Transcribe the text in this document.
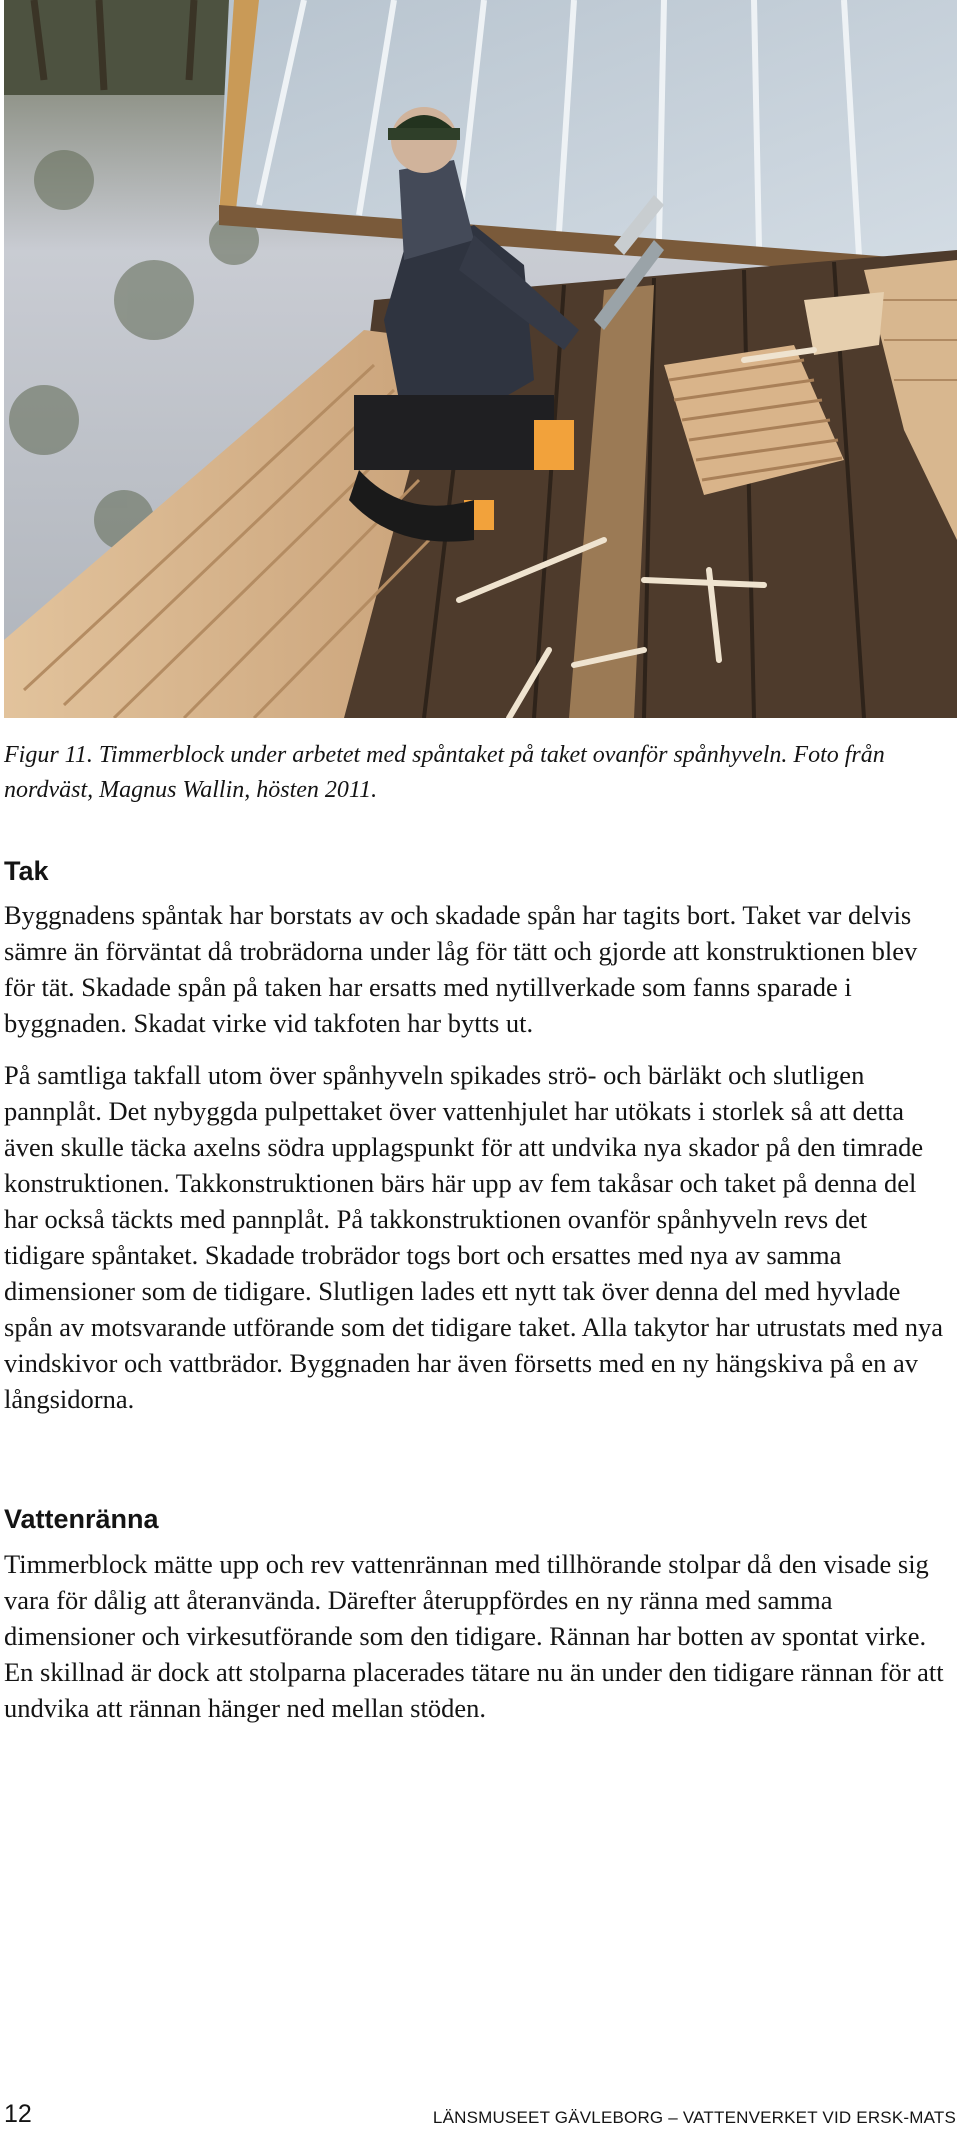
Figur 11. Timmerblock under arbetet med spåntaket på taket ovanför spånhyveln. Foto från nordväst, Magnus Wallin, hösten 2011.

Tak

Byggnadens spåntak har borstats av och skadade spån har tagits bort. Taket var delvis sämre än förväntat då trobrädorna under låg för tätt och gjorde att konstruktionen blev för tät. Skadade spån på taken har ersatts med nytillverkade som fanns sparade i byggnaden. Skadat virke vid takfoten har bytts ut.

På samtliga takfall utom över spånhyveln spikades strö- och bärläkt och slutligen pannplåt. Det nybyggda pulpettaket över vattenhjulet har utökats i storlek så att detta även skulle täcka axelns södra upplagspunkt för att undvika nya skador på den timrade konstruktionen. Takkonstruktionen bärs här upp av fem takåsar och taket på denna del har också täckts med pannplåt. På takkonstruktionen ovanför spånhyveln revs det tidigare spåntaket. Skadade trobrädor togs bort och ersattes med nya av samma dimensioner som de tidigare. Slutligen lades ett nytt tak över denna del med hyvlade spån av motsvarande utförande som det tidigare taket. Alla takytor har utrustats med nya vindskivor och vattbrädor. Byggnaden har även försetts med en ny hängskiva på en av långsidorna.

Vattenränna

Timmerblock mätte upp och rev vattenrännan med tillhörande stolpar då den visade sig vara för dålig att återanvända. Därefter återuppfördes en ny ränna med samma dimensioner och virkesutförande som den tidigare. Rännan har botten av spontat virke. En skillnad är dock att stolparna placerades tätare nu än under den tidigare rännan för att undvika att rännan hänger ned mellan stöden.

12	LÄNSMUSEET GÄVLEBORG – VATTENVERKET VID ERSK-MATS
